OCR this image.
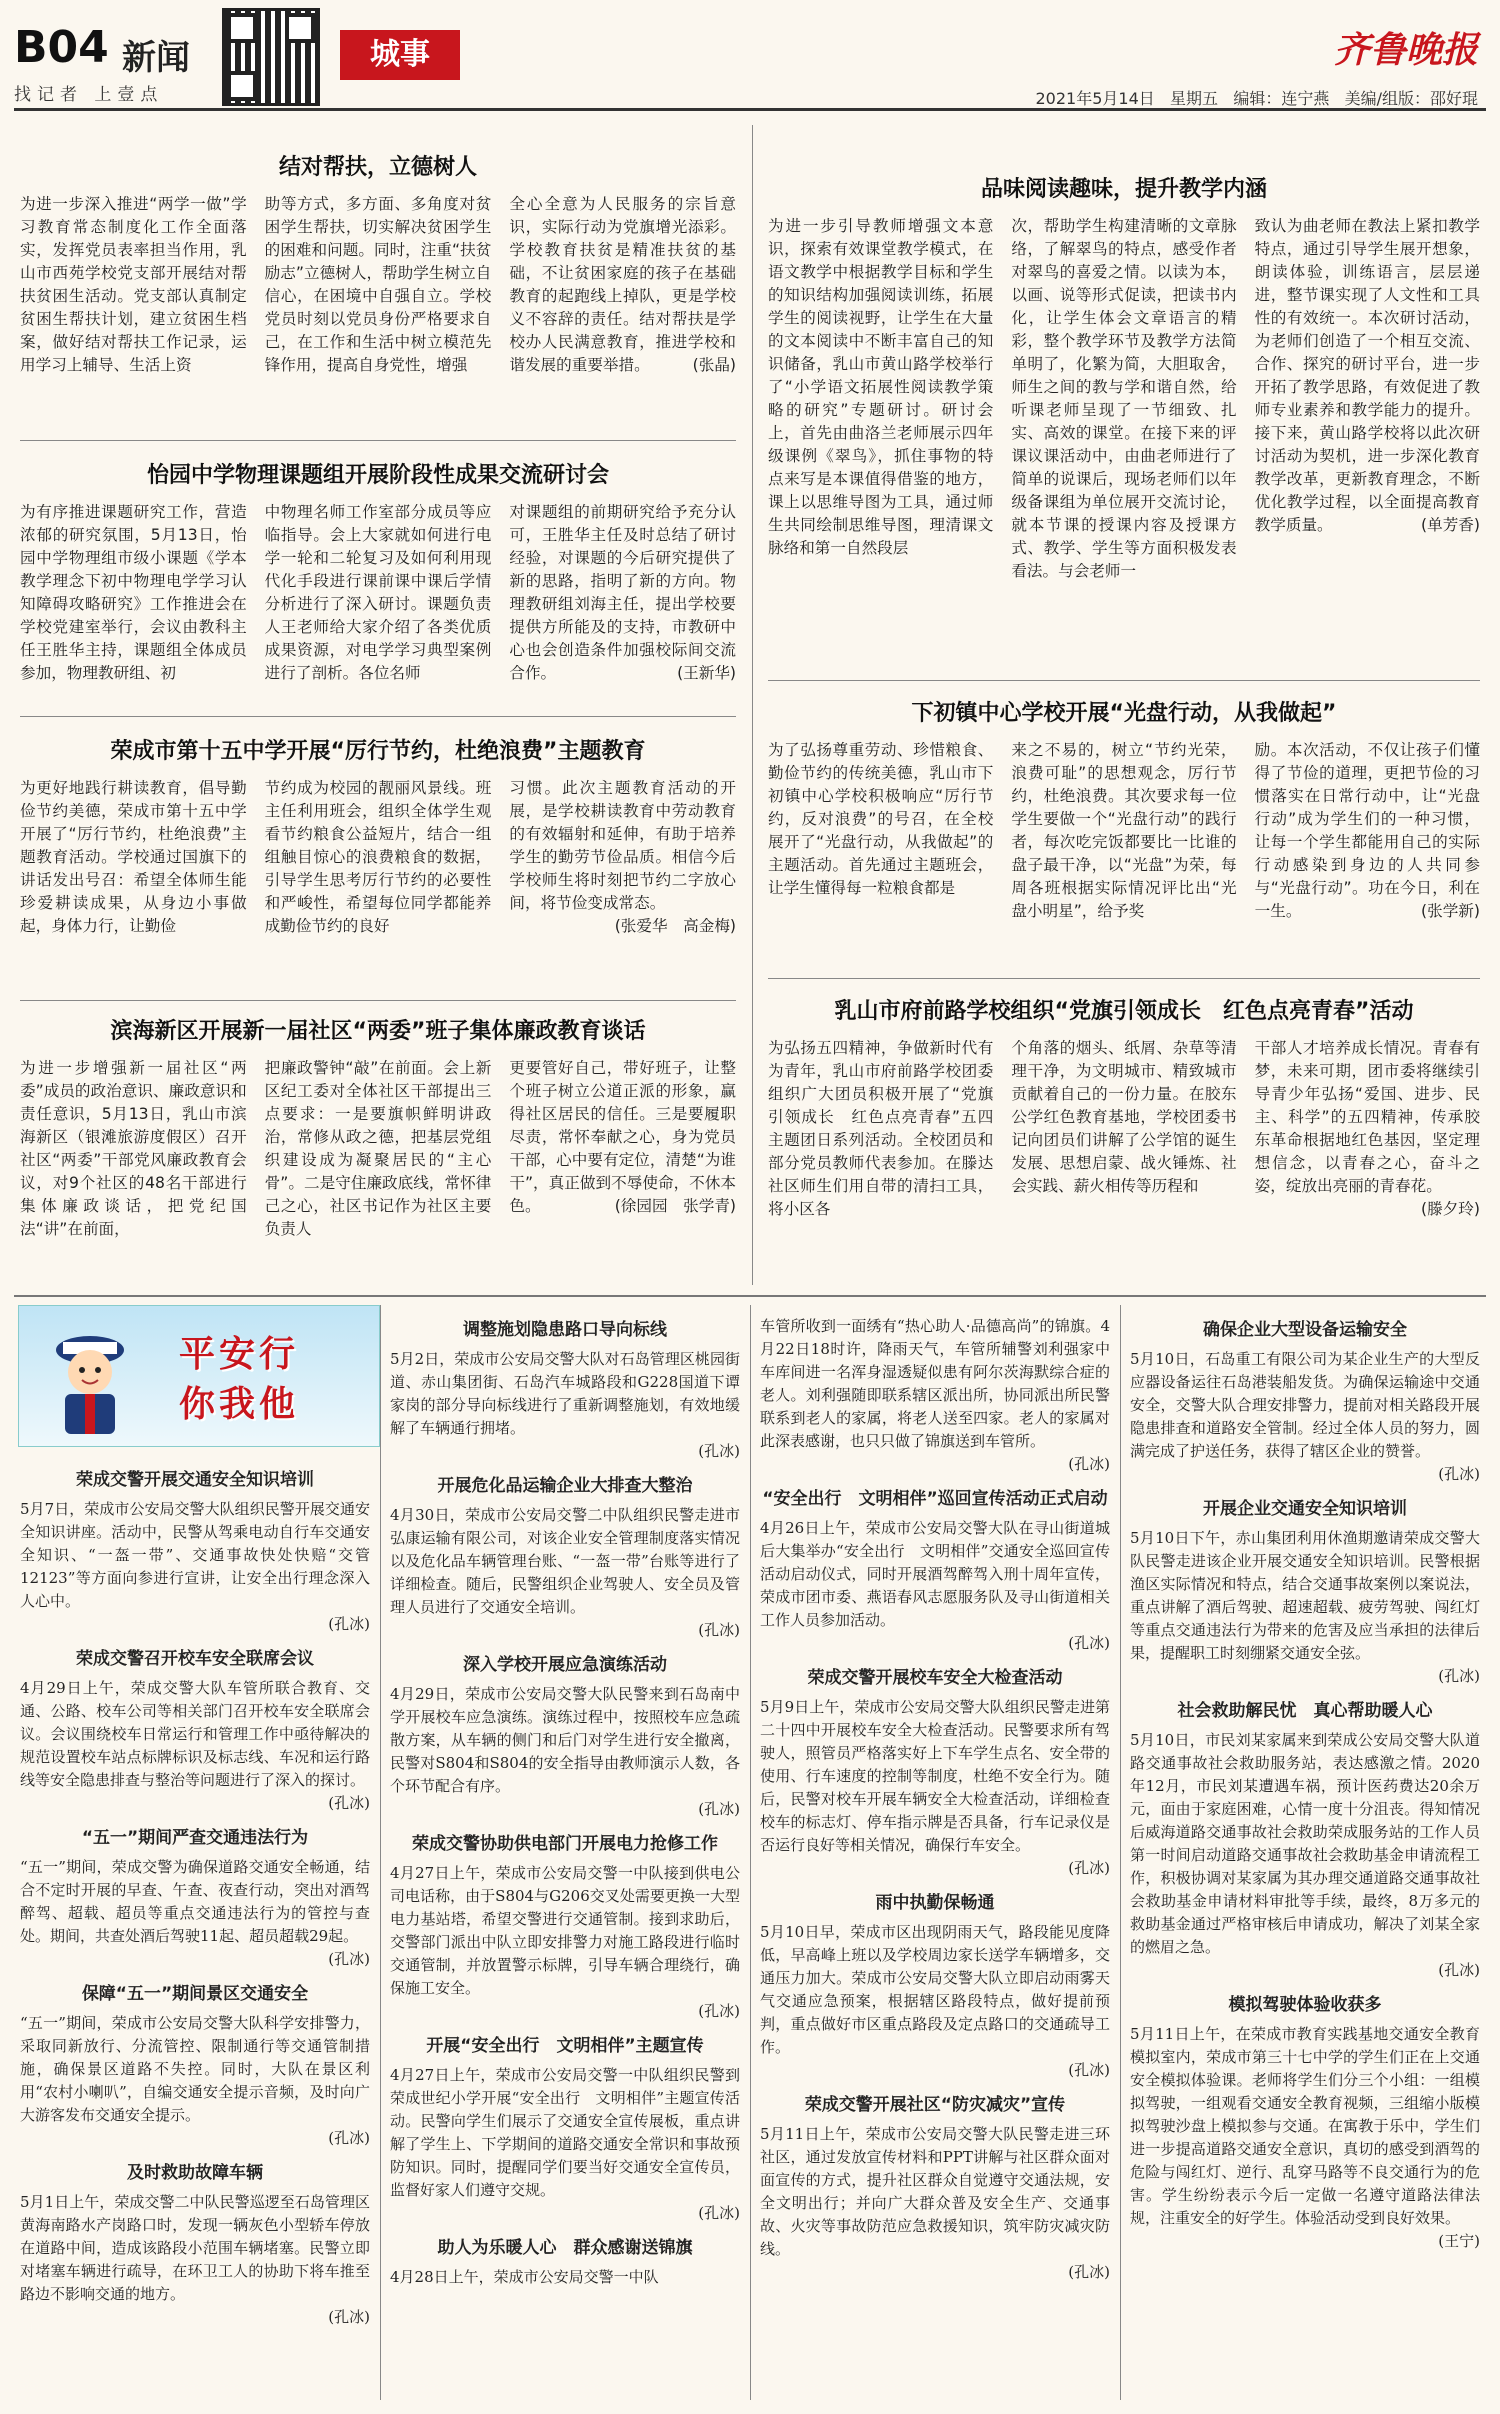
B04 新闻
找记者 上壹点
城事	齐鲁晚报
2021年5月14日 星期五 编辑：连宁燕 美编/组版：邵好琨
结对帮扶，立德树人

为进一步深入推进“两学一做”学习教育常态制度化工作全面落实，发挥党员表率担当作用，乳山市西苑学校党支部开展结对帮扶贫困生活动。党支部认真制定贫困生帮扶计划，建立贫困生档案，做好结对帮扶工作记录，运用学习上辅导、生活上资

助等方式，多方面、多角度对贫困学生帮扶，切实解决贫困学生的困难和问题。同时，注重“扶贫励志”立德树人，帮助学生树立自信心，在困境中自强自立。学校党员时刻以党员身份严格要求自己，在工作和生活中树立模范先锋作用，提高自身党性，增强

全心全意为人民服务的宗旨意识，实际行动为党旗增光添彩。学校教育扶贫是精准扶贫的基础，不让贫困家庭的孩子在基础教育的起跑线上掉队，更是学校义不容辞的责任。结对帮扶是学校办人民满意教育，推进学校和谐发展的重要举措。	(张晶)

怡园中学物理课题组开展阶段性成果交流研讨会

为有序推进课题研究工作，营造浓郁的研究氛围，5月13日，怡园中学物理组市级小课题《学本教学理念下初中物理电学学习认知障碍攻略研究》工作推进会在学校党建室举行，会议由教科主任王胜华主持，课题组全体成员参加，物理教研组、初

中物理名师工作室部分成员等应临指导。会上大家就如何进行电学一轮和二轮复习及如何利用现代化手段进行课前课中课后学情分析进行了深入研讨。课题负责人王老师给大家介绍了各类优质成果资源，对电学学习典型案例进行了剖析。各位名师

对课题组的前期研究给予充分认可，王胜华主任及时总结了研讨经验，对课题的今后研究提供了新的思路，指明了新的方向。物理教研组刘海主任，提出学校要提供方所能及的支持，市教研中心也会创造条件加强校际间交流合作。	(王新华)

荣成市第十五中学开展“厉行节约，杜绝浪费”主题教育

为更好地践行耕读教育，倡导勤俭节约美德，荣成市第十五中学开展了“厉行节约，杜绝浪费”主题教育活动。学校通过国旗下的讲话发出号召：希望全体师生能珍爱耕读成果，从身边小事做起，身体力行，让勤俭

节约成为校园的靓丽风景线。班主任利用班会，组织全体学生观看节约粮食公益短片，结合一组组触目惊心的浪费粮食的数据，引导学生思考厉行节约的必要性和严峻性，希望每位同学都能养成勤俭节约的良好

习惯。此次主题教育活动的开展，是学校耕读教育中劳动教育的有效辐射和延伸，有助于培养学生的勤劳节俭品质。相信今后学校师生将时刻把节约二字放心间，将节俭变成常态。
(张爱华　高金梅)

滨海新区开展新一届社区“两委”班子集体廉政教育谈话

为进一步增强新一届社区“两委”成员的政治意识、廉政意识和责任意识，5月13日，乳山市滨海新区（银滩旅游度假区）召开社区“两委”干部党风廉政教育会议，对9个社区的48名干部进行集体廉政谈话，把党纪国法“讲”在前面，

把廉政警钟“敲”在前面。会上新区纪工委对全体社区干部提出三点要求：一是要旗帜鲜明讲政治，常修从政之德，把基层党组织建设成为凝聚居民的“主心骨”。二是守住廉政底线，常怀律己之心，社区书记作为社区主要负责人

更要管好自己，带好班子，让整个班子树立公道正派的形象，赢得社区居民的信任。三是要履职尽责，常怀奉献之心，身为党员干部，心中要有定位，清楚“为谁干”，真正做到不辱使命，不休本色。	(徐园园　张学青)

品味阅读趣味，提升教学内涵

为进一步引导教师增强文本意识，探索有效课堂教学模式，在语文教学中根据教学目标和学生的知识结构加强阅读训练，拓展学生的阅读视野，让学生在大量的文本阅读中不断丰富自己的知识储备，乳山市黄山路学校举行了“小学语文拓展性阅读教学策略的研究”专题研讨。研讨会上，首先由曲洛兰老师展示四年级课例《翠鸟》，抓住事物的特点来写是本课值得借鉴的地方，课上以思维导图为工具，通过师生共同绘制思维导图，理清课文脉络和第一自然段层

次，帮助学生构建清晰的文章脉络，了解翠鸟的特点，感受作者对翠鸟的喜爱之情。以读为本，以画、说等形式促读，把读书内化，让学生体会文章语言的精彩，整个教学环节及教学方法简单明了，化繁为简，大胆取舍，师生之间的教与学和谐自然，给听课老师呈现了一节细致、扎实、高效的课堂。在接下来的评课议课活动中，由曲老师进行了简单的说课后，现场老师们以年级备课组为单位展开交流讨论，就本节课的授课内容及授课方式、教学、学生等方面积极发表看法。与会老师一

致认为曲老师在教法上紧扣教学特点，通过引导学生展开想象，朗读体验，训练语言，层层递进，整节课实现了人文性和工具性的有效统一。本次研讨活动，为老师们创造了一个相互交流、合作、探究的研讨平台，进一步开拓了教学思路，有效促进了教师专业素养和教学能力的提升。接下来，黄山路学校将以此次研讨活动为契机，进一步深化教育教学改革，更新教育理念，不断优化教学过程，以全面提高教育教学质量。	(单芳香)

下初镇中心学校开展“光盘行动，从我做起”

为了弘扬尊重劳动、珍惜粮食、勤俭节约的传统美德，乳山市下初镇中心学校积极响应“厉行节约，反对浪费”的号召，在全校展开了“光盘行动，从我做起”的主题活动。首先通过主题班会，让学生懂得每一粒粮食都是

来之不易的，树立“节约光荣，浪费可耻”的思想观念，厉行节约，杜绝浪费。其次要求每一位学生要做一个“光盘行动”的践行者，每次吃完饭都要比一比谁的盘子最干净，以“光盘”为荣，每周各班根据实际情况评比出“光盘小明星”，给予奖

励。本次活动，不仅让孩子们懂得了节俭的道理，更把节俭的习惯落实在日常行动中，让“光盘行动”成为学生们的一种习惯，让每一个学生都能用自己的实际行动感染到身边的人共同参与“光盘行动”。功在今日，利在一生。	(张学新)

乳山市府前路学校组织“党旗引领成长　红色点亮青春”活动

为弘扬五四精神，争做新时代有为青年，乳山市府前路学校团委组织广大团员积极开展了“党旗引领成长　红色点亮青春”五四主题团日系列活动。全校团员和部分党员教师代表参加。在滕达社区师生们用自带的清扫工具，将小区各

个角落的烟头、纸屑、杂草等清理干净，为文明城市、精致城市贡献着自己的一份力量。在胶东公学红色教育基地，学校团委书记向团员们讲解了公学馆的诞生发展、思想启蒙、战火锤炼、社会实践、薪火相传等历程和

干部人才培养成长情况。青春有梦，未来可期，团市委将继续引导青少年弘扬“爱国、进步、民主、科学”的五四精神，传承胶东革命根据地红色基因，坚定理想信念，以青春之心，奋斗之姿，绽放出亮丽的青春花。
(滕夕玲)

平安行
你我他
荣成交警开展交通安全知识培训

5月7日，荣成市公安局交警大队组织民警开展交通安全知识讲座。活动中，民警从驾乘电动自行车交通安全知识、“一盔一带”、交通事故快处快赔“交管12123”等方面向参进行宣讲，让安全出行理念深入人心中。

(孔冰)
荣成交警召开校车安全联席会议

4月29日上午，荣成交警大队车管所联合教育、交通、公路、校车公司等相关部门召开校车安全联席会议。会议围绕校车日常运行和管理工作中亟待解决的规范设置校车站点标牌标识及标志线、车况和运行路线等安全隐患排查与整治等问题进行了深入的探讨。

(孔冰)
“五一”期间严查交通违法行为

“五一”期间，荣成交警为确保道路交通安全畅通，结合不定时开展的早查、午查、夜查行动，突出对酒驾醉驾、超载、超员等重点交通违法行为的管控与查处。期间，共查处酒后驾驶11起、超员超载29起。

(孔冰)
保障“五一”期间景区交通安全

“五一”期间，荣成市公安局交警大队科学安排警力，采取同新放行、分流管控、限制通行等交通管制措施，确保景区道路不失控。同时，大队在景区利用“农村小喇叭”，自编交通安全提示音频，及时向广大游客发布交通安全提示。

(孔冰)
及时救助故障车辆

5月1日上午，荣成交警二中队民警巡逻至石岛管理区黄海南路水产岗路口时，发现一辆灰色小型轿车停放在道路中间，造成该路段小范围车辆堵塞。民警立即对堵塞车辆进行疏导，在环卫工人的协助下将车推至路边不影响交通的地方。

(孔冰)
调整施划隐患路口导向标线

5月2日，荣成市公安局交警大队对石岛管理区桃园街道、赤山集团街、石岛汽车城路段和G228国道下谭家岗的部分导向标线进行了重新调整施划，有效地缓解了车辆通行拥堵。

(孔冰)
开展危化品运输企业大排查大整治

4月30日，荣成市公安局交警二中队组织民警走进市弘康运输有限公司，对该企业安全管理制度落实情况以及危化品车辆管理台账、“一盔一带”台账等进行了详细检查。随后，民警组织企业驾驶人、安全员及管理人员进行了交通安全培训。

(孔冰)
深入学校开展应急演练活动

4月29日，荣成市公安局交警大队民警来到石岛南中学开展校车应急演练。演练过程中，按照校车应急疏散方案，从车辆的侧门和后门对学生进行安全撤离，民警对S804和S804的安全指导由教师演示人数，各个环节配合有序。

(孔冰)
荣成交警协助供电部门开展电力抢修工作

4月27日上午，荣成市公安局交警一中队接到供电公司电话称，由于S804与G206交叉处需要更换一大型电力基站塔，希望交警进行交通管制。接到求助后，交警部门派出中队立即安排警力对施工路段进行临时交通管制，并放置警示标牌，引导车辆合理绕行，确保施工安全。

(孔冰)
开展“安全出行　文明相伴”主题宣传

4月27日上午，荣成市公安局交警一中队组织民警到荣成世纪小学开展“安全出行　文明相伴”主题宣传活动。民警向学生们展示了交通安全宣传展板，重点讲解了学生上、下学期间的道路交通安全常识和事故预防知识。同时，提醒同学们要当好交通安全宣传员，监督好家人们遵守交规。

(孔冰)
助人为乐暖人心　群众感谢送锦旗

4月28日上午，荣成市公安局交警一中队

车管所收到一面绣有“热心助人·品德高尚”的锦旗。4月22日18时许，降雨天气，车管所辅警刘利强家中车库间进一名浑身湿透疑似患有阿尔茨海默综合症的老人。刘利强随即联系辖区派出所，协同派出所民警联系到老人的家属，将老人送至四家。老人的家属对此深表感谢，也只只做了锦旗送到车管所。

(孔冰)
“安全出行　文明相伴”巡回宣传活动正式启动

4月26日上午，荣成市公安局交警大队在寻山街道城后大集举办“安全出行　文明相伴”交通安全巡回宣传活动启动仪式，同时开展酒驾醉驾入刑十周年宣传，荣成市团市委、燕语春风志愿服务队及寻山街道相关工作人员参加活动。

(孔冰)
荣成交警开展校车安全大检查活动

5月9日上午，荣成市公安局交警大队组织民警走进第二十四中开展校车安全大检查活动。民警要求所有驾驶人，照管员严格落实好上下车学生点名、安全带的使用、行车速度的控制等制度，杜绝不安全行为。随后，民警对校车开展车辆安全大检查活动，详细检查校车的标志灯、停车指示牌是否具备，行车记录仪是否运行良好等相关情况，确保行车安全。

(孔冰)
雨中执勤保畅通

5月10日早，荣成市区出现阴雨天气，路段能见度降低，早高峰上班以及学校周边家长送学车辆增多，交通压力加大。荣成市公安局交警大队立即启动雨雾天气交通应急预案，根据辖区路段特点，做好提前预判，重点做好市区重点路段及定点路口的交通疏导工作。

(孔冰)
荣成交警开展社区“防灾减灾”宣传

5月11日上午，荣成市公安局交警大队民警走进三环社区，通过发放宣传材料和PPT讲解与社区群众面对面宣传的方式，提升社区群众自觉遵守交通法规，安全文明出行；并向广大群众普及安全生产、交通事故、火灾等事故防范应急救援知识，筑牢防灾减灾防线。

(孔冰)
确保企业大型设备运输安全

5月10日，石岛重工有限公司为某企业生产的大型反应器设备运往石岛港装船发货。为确保运输途中交通安全，交警大队合理安排警力，提前对相关路段开展隐患排查和道路安全管制。经过全体人员的努力，圆满完成了护送任务，获得了辖区企业的赞誉。

(孔冰)
开展企业交通安全知识培训

5月10日下午，赤山集团利用休渔期邀请荣成交警大队民警走进该企业开展交通安全知识培训。民警根据渔区实际情况和特点，结合交通事故案例以案说法，重点讲解了酒后驾驶、超速超载、疲劳驾驶、闯红灯等重点交通违法行为带来的危害及应当承担的法律后果，提醒职工时刻绷紧交通安全弦。

(孔冰)
社会救助解民忧　真心帮助暖人心

5月10日，市民刘某家属来到荣成公安局交警大队道路交通事故社会救助服务站，表达感激之情。2020年12月，市民刘某遭遇车祸，预计医药费达20余万元，面由于家庭困难，心情一度十分沮丧。得知情况后威海道路交通事故社会救助荣成服务站的工作人员第一时间启动道路交通事故社会救助基金申请流程工作，积极协调对某家属为其办理交通道路交通事故社会救助基金申请材料审批等手续，最终，8万多元的救助基金通过严格审核后申请成功，解决了刘某全家的燃眉之急。

(孔冰)
模拟驾驶体验收获多

5月11日上午，在荣成市教育实践基地交通安全教育模拟室内，荣成市第三十七中学的学生们正在上交通安全模拟体验课。老师将学生们分三个小组：一组模拟驾驶，一组观看交通安全教育视频，三组缩小版模拟驾驶沙盘上模拟参与交通。在寓教于乐中，学生们进一步提高道路交通安全意识，真切的感受到酒驾的危险与闯红灯、逆行、乱穿马路等不良交通行为的危害。学生纷纷表示今后一定做一名遵守道路法律法规，注重安全的好学生。体验活动受到良好效果。

(王宁)
